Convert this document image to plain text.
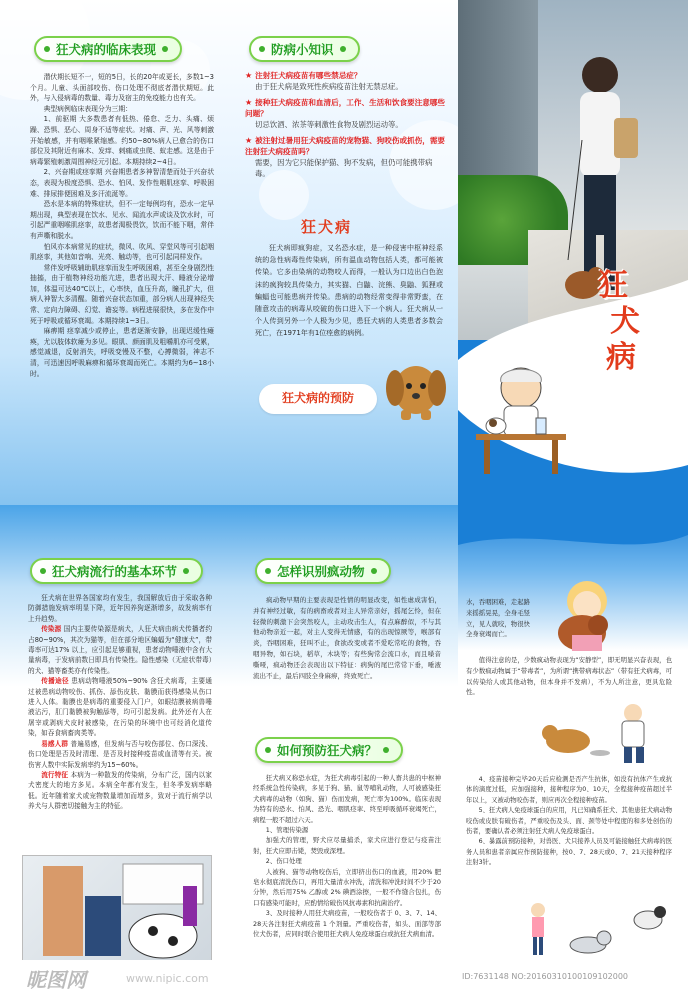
狂犬病的临床表现

潜伏期长短不一，短的5日，长的20年或更长，多数1~3个月。儿童、头面部咬伤、伤口处理不彻底者潜伏期短。此外，与入侵病毒的数量、毒力及宿主的免疫能力也有关。

典型病例临床表现分为三期：

1、前驱期 大多数患者有低热、倦怠、乏力、头痛、烦躁、恐惧、恶心、周身不适等症状。对痛、声、光、风等刺激开始敏感，并有咽喉紧缩感。约50~80%病人已愈合的伤口部位及其附近有麻木、发痒、刺痛或虫爬、蚁走感。这是由于病毒繁殖刺激周围神经元引起。本期持续2~4日。

2、兴奋期或痉挛期 兴奋期患者多神智清楚而处于兴奋状态，表现为极度恐惧、恐水、怕风、发作性咽肌痉挛、呼吸困难、排尿排便困难及多汗流涎等。

恐水是本病的特殊症状，但不一定每例均有，恐水一定早期出现，典型表现在饮水、见水、闻流水声或谈及饮水时，可引起严重咽喉肌痉挛，故患者渴极畏饮，饮而不能下咽，常伴有声嘶和脱水。

怕风亦本病常见的症状，微风、吹风、穿堂风等可引起咽肌痉挛，其他如音响、光亮、触动等，也可引起同样发作。

常伴发呼吸辅助肌痉挛而发生呼吸困难，甚至全身剧烈性抽搐，由于植物神经功能亢进，患者出现大汗、睡液分泌增加，体温可达40℃以上，心率快，血压升高，瞳孔扩大，但病人神智大多清醒。随着兴奋状态加重，部分病人出现神经失常、定向力障碍、幻觉、谵妄等。病程进展很快，多在发作中死于呼吸或循环衰竭。本期持续1~3日。

麻痹期 痉挛减少或停止，患者逐渐安静，出现迟缓性瘫痪，尤以肢体软瘫为多见。眼肌、颜面肌及咀嚼肌亦可受累，感觉减退，反射消失，呼吸变慢及不整，心搏微弱，神志不清，可迅速因呼吸麻痹和循环衰竭而死亡。本期约为6~18小时。

防病小知识
★ 注射狂犬病疫苗有哪些禁忌症？
由于狂犬病是致死性疾病疫苗注射无禁忌症。
★ 接种狂犬病疫苗和血清后，工作、生活和饮食要注意哪些问题？
切忌饮酒、浓茶等刺激性食物及剧烈运动等。
★ 被注射过暑用狂犬病疫苗的宠物猫、狗咬伤或抓伤，需要注射狂犬病疫苗吗？
需要，因为它只能保护猫、狗不发病，但仍可能携带病毒。
狂犬病
狂犬病即疯狗症，又名恐水症，是一种侵害中枢神经系统的急性病毒性传染病，所有温血动物包括人类，都可能被传染。它多由染病的动物咬人而得，一般认为口边出白色泡沫的疯狗较具传染力，其实猫、白鼬、浣熊、臭鼬、狐狸或蝙蝠也可能患病并传染。患病的动物经常变得非常野蛮，在随意攻击的病毒从咬破的伤口进入下一个病人。狂犬病从一个人传到另外一个人极为少见，患狂犬病的人类患者多数会死亡，在1971年有1位痊愈的病例。
狂犬病的预防
狂
犬
病
狂犬病流行的基本环节

狂犬病在世界各国家均有发生，我国解放后由于采取各种防御措施发病率明显下降，近年因养狗逐渐增多，故发病率有上升趋势。

传染源 国内主要传染源是病犬，人狂犬病由病犬传播者约占80~90%，其次为猫等，但在部分地区蝙蝠为“健康犬”，带毒率可达17% 以上，应引起足够重视，患者动物唾液中含有大量病毒，于发病前数日即具有传染性。隐性感染（无症状带毒）的犬、猫等畜类亦有传染性。

传播途径 患病动物唾液50%~90% 含狂犬病毒，主要通过被患病动物咬伤、抓伤、舔伤皮肤、黏膜而获得感染从伤口进入人体。黏膜也是病毒的重要侵入门户，如眼结膜被病兽唾液沾污，肛门黏膜被狗触舔等，均可引起发病。此外还有人在屠宰或剥病犬皮时被感染，在污染的环境中也可经消化道传染，如吞食病畜肉类等。

易感人群 普遍易感，但发病与否与咬伤部位、伤口深浅、伤口处理是否及时清理、是否及时接种疫苗或血清等有关。被伤害人数中实际发病率约为15~60%。

流行特征 本病为一种散发的传染病，分布广泛，国内以家犬密度大的地方多见。本病全年都有发生，但冬季发病率略低。近年随着家犬或宠物数量增加而增多，致对于流行病学以养犬与人群密切接触为主的特征。

怎样识别疯动物
疯动物早期的主要表现是性情的明显改变，如性虐成害怕，并有神经过敏，有的病畜或者对主人异常亲好，摇尾乞怜，但在轻微的刺激下会突然咬人，主动攻击生人，有点麻醉似，不与其他动物亲近一起，对主人变得无情感，有的出现惊厥等，喉部有炎，吞咽困难，狂叫不止，食欲改变或者不爱吃常吃的食物，吞咽异物，如石块，稻草，木块等；有些狗常会流口水，而且嗓音嘶哑，疯动物还会表现出以下特征：病狗的尾巴常常下垂，唾液流出不止，最后四肢全身麻痹，终致死亡。
如何预防狂犬病？

狂犬病又称恐水症，为狂犬病毒引起的一种人畜共患的中枢神经系统急性传染病，多见于狗、猫、鼠等哺乳动物，人可被感染狂犬病毒的动物（如狗、猫）伤而发病，死亡率为100%。临床表现为特有的恐水、怕风、恐光、咽肌痉挛、终至呼吸循环衰竭死亡，病程一般不超过六天。

1、管理传染源

加强犬的管理，野犬应尽量捕杀，家犬应进行登记与疫苗注射，狂犬应即击毙，焚毁或深埋。

2、伤口处理

人被狗、猫等动物咬伤后，立即挤出伤口的血液，用20% 肥皂水彻底清洗伤口，再用大量清水冲洗，清洗和冲洗时间不少于20分钟，然后用75% 乙醇或 2% 碘酒涂擦，一般不作缝合包扎，伤口有感染可能时，应酌情给破伤风抗毒素和抗菌治疗。

3、及时接种人用狂犬病疫苗，一般咬伤者于 0、3、7、14、28天各注射狂犬病疫苗 1 个剂量。严重咬伤者，如头、面部等部位犬伤者，应同时联合使用狂犬病人免疫球蛋白或抗狂犬病血清。

水，吞咽困难，走起路来摇摇晃晃，全身毛竖立，见人就咬，物很快全身衰竭而亡。
值得注意的是，少数疯动物表现为“安静型”，即无明显兴奋表现，也有少数疯动物属于“带毒者”，为所谓“携带病毒状态”（带有狂犬病毒，可以传染给人或其他动物，但本身并不发病），不为人所注意，更具危险性。

4、疫苗接种完毕20天后应检测是否产生抗体，如没有抗体产生或抗体的滴度过低，应加强接种，接种程序为0、10天，全程接种疫苗超过半年以上，又被动物咬伤者，则应再次全程接种疫苗。

5、狂犬病人免疫球蛋白的应用，凡已知确系狂犬、其他患狂犬病动物咬伤或皮肤有破伤者，严重咬伤及头、面、颈等处中程度的和多处创伤的伤者，要确认者必须注射狂犬病人免疫球蛋白。

6、暴露前预防接种，对兽医、犬只接养人员及可能接触狂犬病毒的医务人员和患者亲属应作预防接种，按0、7、28天或0、7、21天接种程序注射3针。

昵图网	www.nipic.com	ID:7631148 NO:20160310100109102000
